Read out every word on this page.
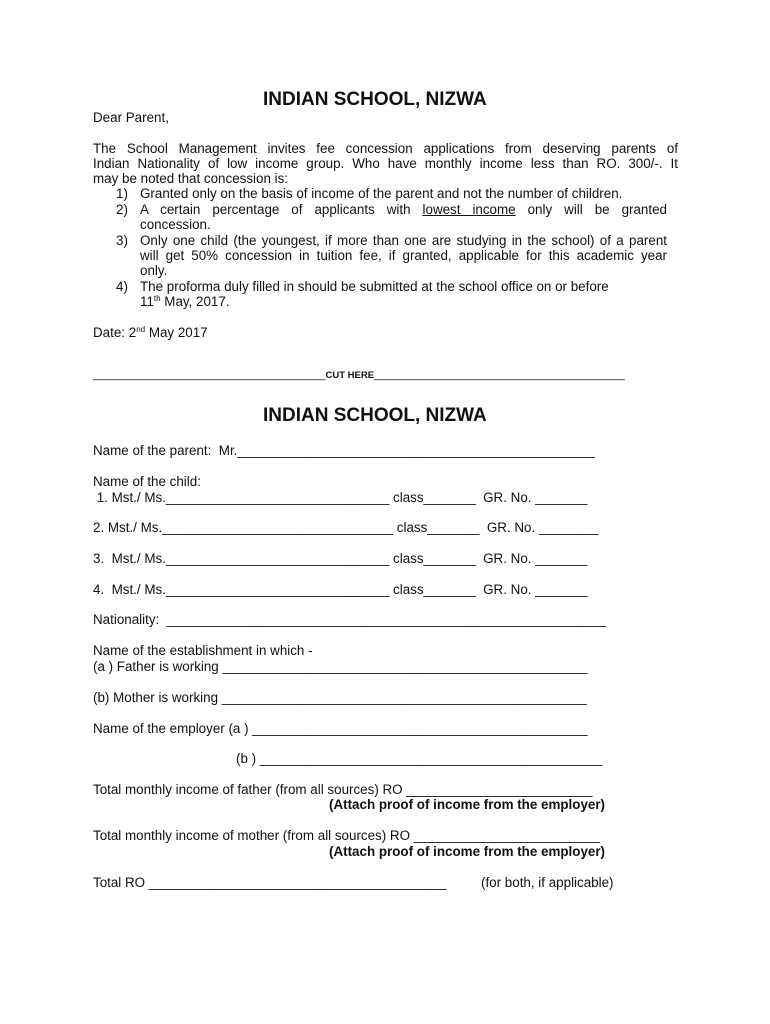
INDIAN SCHOOL, NIZWA
Dear Parent,
The School Management invites fee concession applications from deserving parents of
Indian Nationality of low income group. Who have monthly income less than RO. 300/-. It
may be noted that concession is:
1) Granted only on the basis of income of the parent and not the number of children.
2) A certain percentage of applicants with lowest income only will be granted
concession.
3) Only one child (the youngest, if more than one are studying in the school) of a parent
will get 50% concession in tuition fee, if granted, applicable for this academic year
only.
4) The proforma duly filled in should be submitted at the school office on or before
11th May, 2017.
Date: 2nd May 2017
______________________________________CUT HERE_________________________________________
INDIAN SCHOOL, NIZWA
Name of the parent:  Mr.________________________________________________
Name of the child:
1. Mst./ Ms.______________________________ class_______  GR. No. _______
2. Mst./ Ms._______________________________ class_______  GR. No. ________
3.  Mst./ Ms.______________________________ class_______  GR. No. _______
4.  Mst./ Ms.______________________________ class_______  GR. No. _______
Nationality:  ___________________________________________________________
Name of the establishment in which -
(a ) Father is working _________________________________________________
(b) Mother is working _________________________________________________
Name of the employer (a ) _____________________________________________
(b ) ______________________________________________
Total monthly income of father (from all sources) RO _________________________
(Attach proof of income from the employer)
Total monthly income of mother (from all sources) RO _________________________
(Attach proof of income from the employer)
Total RO ________________________________________	(for both, if applicable)
